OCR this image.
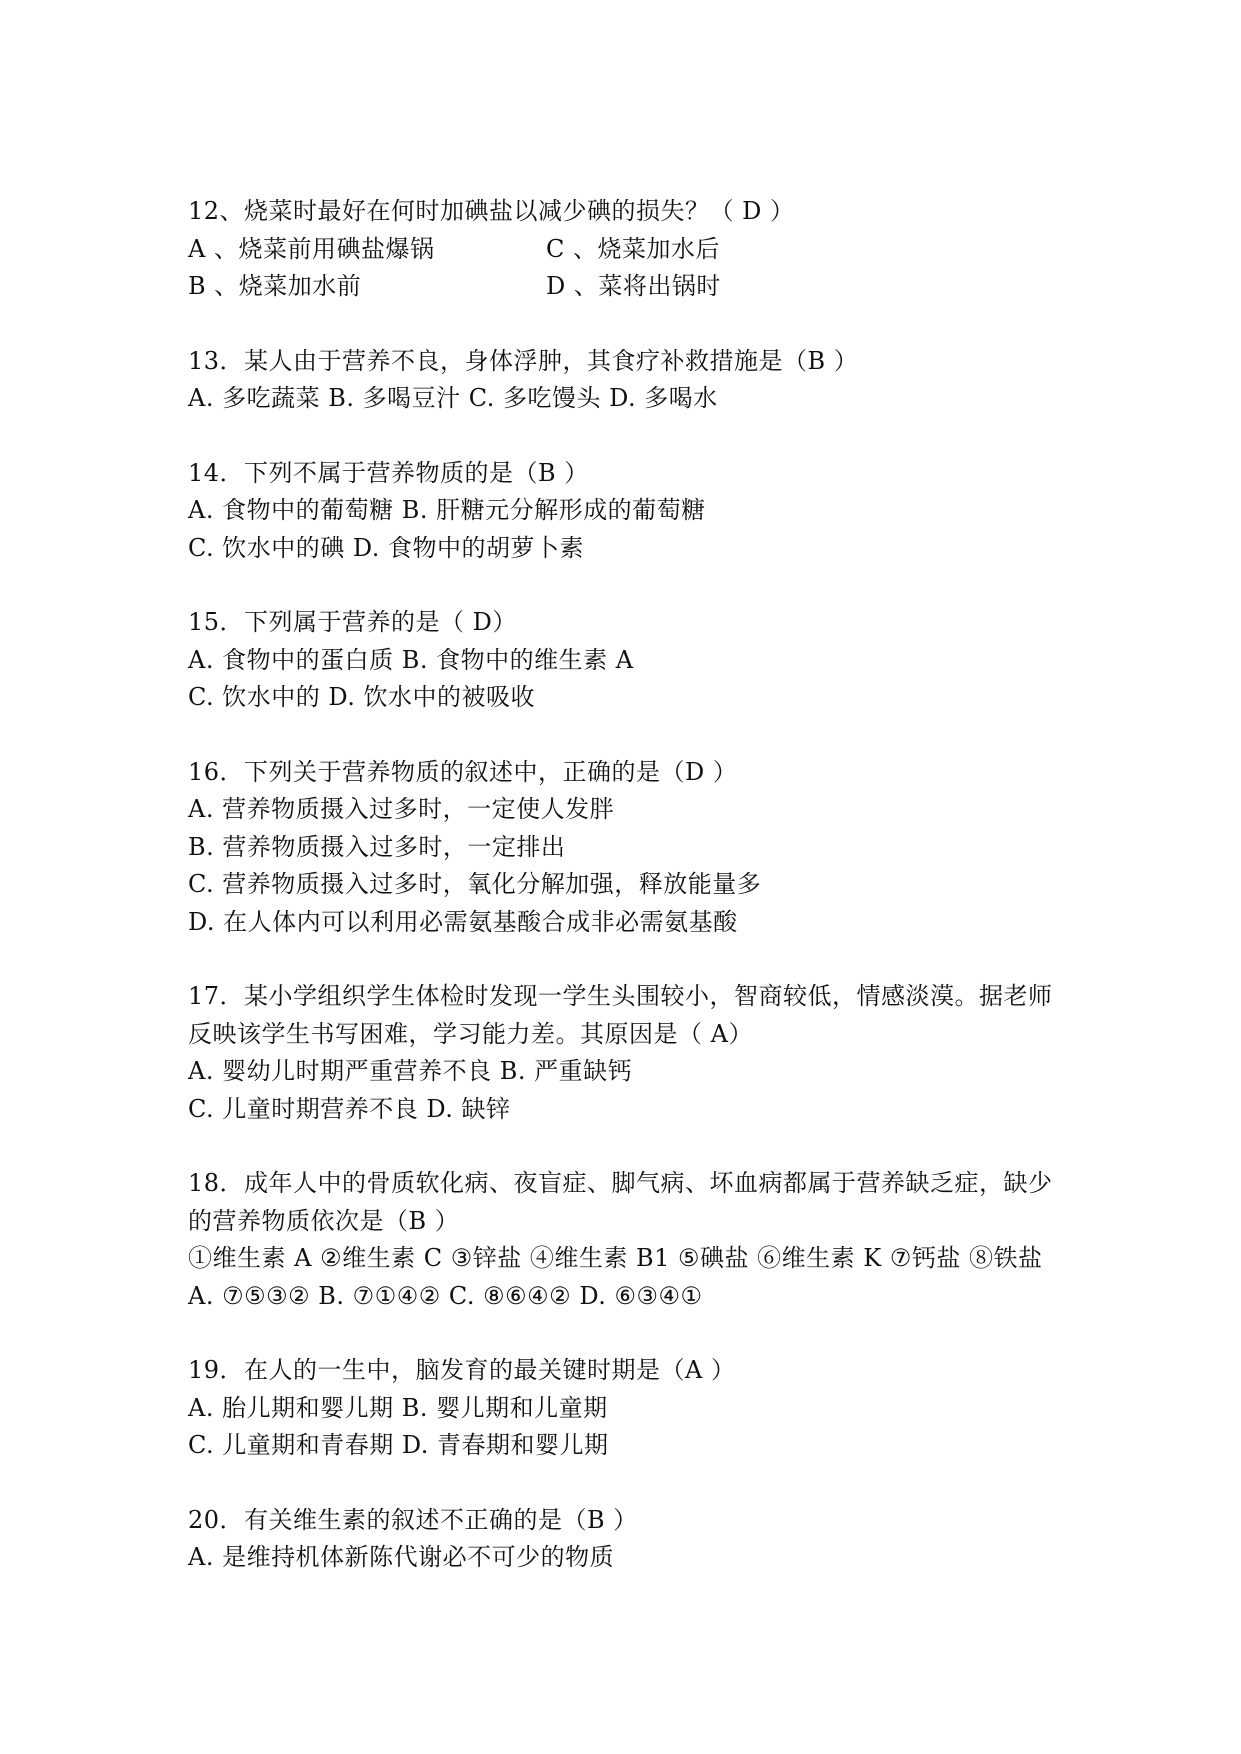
12、烧菜时最好在何时加碘盐以减少碘的损失？（ D ）
A 、烧菜前用碘盐爆锅	C 、烧菜加水后
B 、烧菜加水前	D 、菜将出锅时
13．某人由于营养不良，身体浮肿，其食疗补救措施是（B ）
A. 多吃蔬菜 B. 多喝豆汁 C. 多吃馒头 D. 多喝水
14．下列不属于营养物质的是（B ）
A. 食物中的葡萄糖 B. 肝糖元分解形成的葡萄糖
C. 饮水中的碘 D. 食物中的胡萝卜素
15．下列属于营养的是（ D）
A. 食物中的蛋白质 B. 食物中的维生素 A
C. 饮水中的 D. 饮水中的被吸收
16．下列关于营养物质的叙述中，正确的是（D ）
A. 营养物质摄入过多时，一定使人发胖
B. 营养物质摄入过多时，一定排出
C. 营养物质摄入过多时，氧化分解加强，释放能量多
D. 在人体内可以利用必需氨基酸合成非必需氨基酸
17．某小学组织学生体检时发现一学生头围较小，智商较低，情感淡漠。据老师
反映该学生书写困难，学习能力差。其原因是（ A）
A. 婴幼儿时期严重营养不良 B. 严重缺钙
C. 儿童时期营养不良 D. 缺锌
18．成年人中的骨质软化病、夜盲症、脚气病、坏血病都属于营养缺乏症，缺少
的营养物质依次是（B ）
①维生素 A ②维生素 C ③锌盐 ④维生素 B1 ⑤碘盐 ⑥维生素 K ⑦钙盐 ⑧铁盐
A. ⑦⑤③② B. ⑦①④② C. ⑧⑥④② D. ⑥③④①
19．在人的一生中，脑发育的最关键时期是（A ）
A. 胎儿期和婴儿期 B. 婴儿期和儿童期
C. 儿童期和青春期 D. 青春期和婴儿期
20．有关维生素的叙述不正确的是（B ）
A. 是维持机体新陈代谢必不可少的物质
